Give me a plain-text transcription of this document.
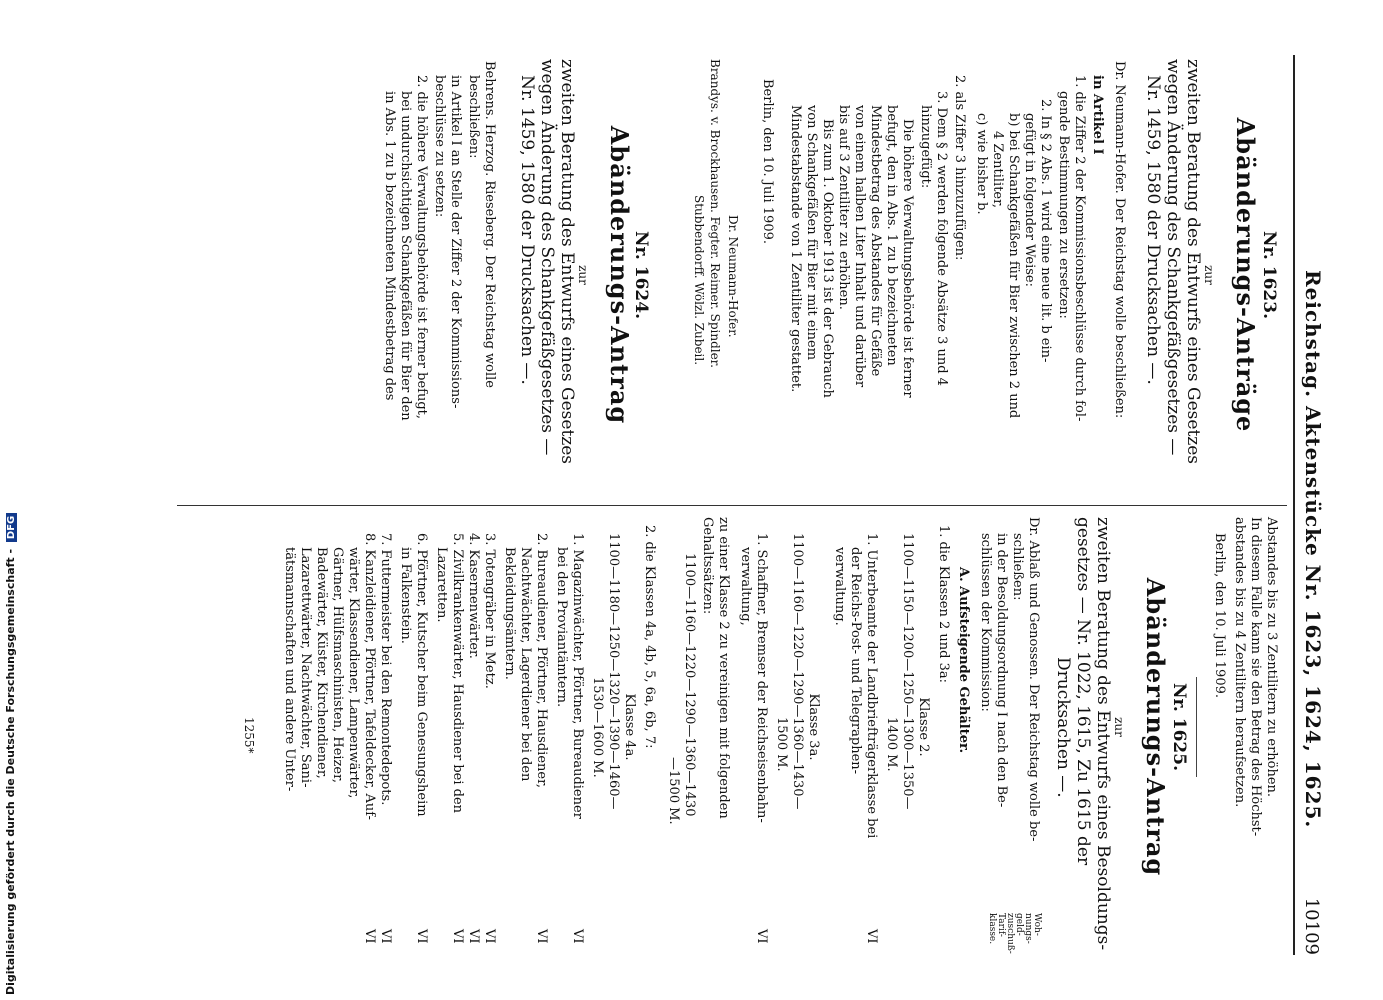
Reichstag. Aktenstücke Nr. 1623, 1624, 1625.
10109

Nr. 1623.

Abänderungs-Anträge

zur

zweiten Beratung des Entwurfs eines Gesetzes

wegen Änderung des Schankgefäßgesetzes —

Nr. 1459, 1580 der Drucksachen —.

Dr. Neumann-Hofer. Der Reichstag wolle beschließen:

in Artikel I

1. die Ziffer 2 der Kommissionsbeschlüsse durch fol-

gende Bestimmungen zu ersetzen:

2. In § 2 Abs. 1 wird eine neue lit. b ein-

gefügt in folgender Weise:

b) bei Schankgefäßen für Bier zwischen 2 und

4 Zentiliter,

c) wie bisher b.

2. als Ziffer 3 hinzuzufügen:

3. Dem § 2 werden folgende Absätze 3 und 4

hinzugefügt:

Die höhere Verwaltungsbehörde ist ferner

befugt, den in Abs. 1 zu b bezeichneten

Mindestbetrag des Abstandes für Gefäße

von einem halben Liter Inhalt und darüber

bis auf 3 Zentiliter zu erhöhen.

Bis zum 1. Oktober 1913 ist der Gebrauch

von Schankgefäßen für Bier mit einem

Mindestabstande von 1 Zentiliter gestattet.

Berlin, den 10. Juli 1909.

Dr. Neumann-Hofer.

Brandys. v. Brockhausen. Fegter. Reimer. Spindler.

Stubbendorff. Wölzl. Zubeil.

Nr. 1624.

Abänderungs-Antrag

zur

zweiten Beratung des Entwurfs eines Gesetzes

wegen Änderung des Schankgefäßgesetzes —

Nr. 1459, 1580 der Drucksachen —.

Behrens. Herzog. Rieseberg. Der Reichstag wolle

beschließen:

in Artikel I an Stelle der Ziffer 2 der Kommissions-

beschlüsse zu setzen:

2. die höhere Verwaltungsbehörde ist ferner befugt,

bei undurchsichtigen Schankgefäßen für Bier den

in Abs. 1 zu b bezeichneten Mindestbetrag des

Abstandes bis zu 3 Zentilitern zu erhöhen.

In diesem Falle kann sie den Betrag des Höchst-

abstandes bis zu 4 Zentilitern heraufsetzen.

Berlin, den 10. Juli 1909.

Nr. 1625.

Abänderungs-Antrag

zur

zweiten Beratung des Entwurfs eines Besoldungs-

gesetzes — Nr. 1022, 1615, Zu 1615 der

Drucksachen —.

Dr. Ablaß und Genossen. Der Reichstag wolle be-

schließen:

in der Besoldungsordnung I nach den Be-

schlüssen der Kommission:

Woh-nungs-geld-zuschuß-Tarif-klasse.

A. Aufsteigende Gehälter.

1. die Klassen 2 und 3a:

Klasse 2.

1100—1150—1200—1250—1300—1350—

1400 M.

1. Unterbeamte der Landbriefträgerklasse bei

der Reichs-Post- und Telegraphen-

verwaltung.

VI

Klasse 3a.

1100—1160—1220—1290—1360—1430—

1500 M.

1. Schaffner, Bremser der Reichseisenbahn-

verwaltung,

VI

zu einer Klasse 2 zu vereinigen mit folgenden

Gehaltssätzen:

1100—1160—1220—1290—1360—1430

—1500 M.

2. die Klassen 4a, 4b, 5, 6a, 6b, 7:

Klasse 4a.

1100—1180—1250—1320—1390—1460—

1530—1600 M.

1. Magazinwächter, Pförtner, Bureaudiener

bei den Proviantämtern.

VI

2. Bureaudiener, Pförtner, Hausdiener,

Nachtwächter, Lagerdiener bei den

Bekleidungsämtern.

VI

3. Totengräber in Metz.

VI

4. Kasernenwärter.

VI

5. Zivilkrankenwärter, Hausdiener bei den

Lazaretten.

VI

6. Pförtner, Kutscher beim Genesungsheim

in Falkenstein.

VI

7. Futtermeister bei den Remontedepots.

VI

8. Kanzleidiener, Pförtner, Tafeldecker, Auf-

wärter, Klassendiener, Lampenwärter,

Gärtner, Hülfsmaschinisten, Heizer,

Badewärter, Küster, Kirchendiener,

Lazarettwärter, Nachtwächter, Sani-

tätsmannschaften und andere Unter-

VI

1255*

Digitalisierung gefördert durch die Deutsche Forschungsgemeinschaft - DFG
